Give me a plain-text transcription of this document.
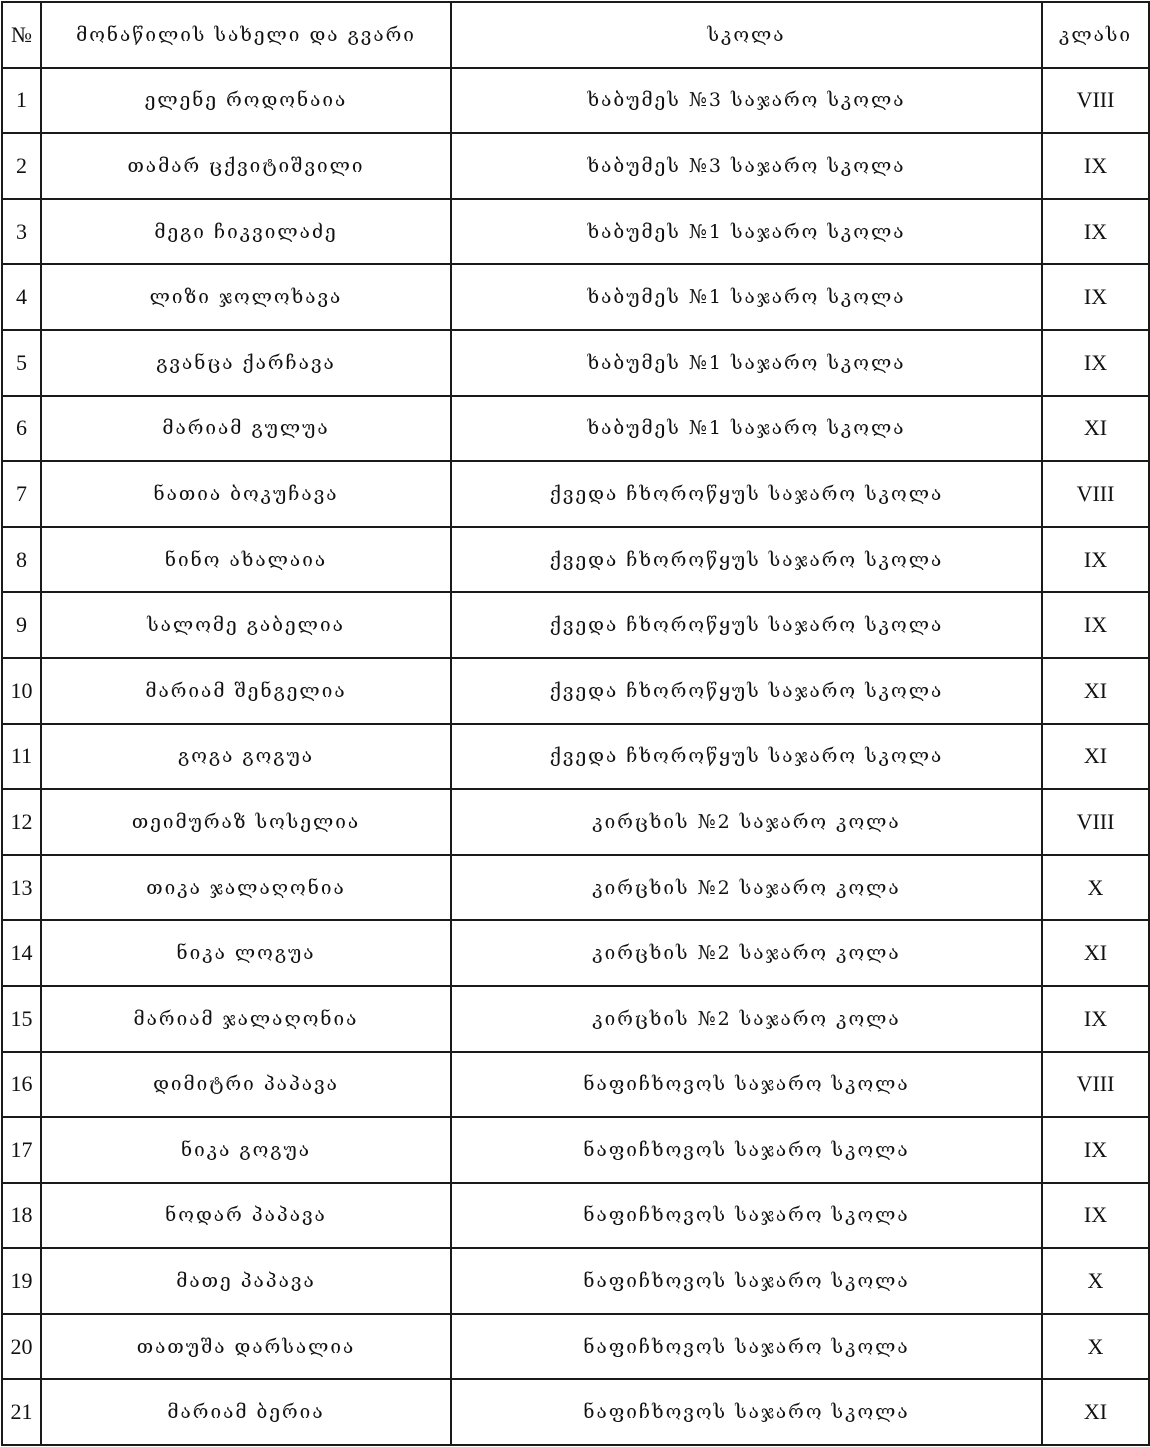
№	მონაწილის სახელი და გვარი	სკოლა	კლასი
1	ელენე როდონაია	ხაბუმეს №3 საჯარო სკოლა	VIII
2	თამარ ცქვიტიშვილი	ხაბუმეს №3 საჯარო სკოლა	IX
3	მეგი ჩიკვილაძე	ხაბუმეს №1 საჯარო სკოლა	IX
4	ლიზი ჯოლოხავა	ხაბუმეს №1 საჯარო სკოლა	IX
5	გვანცა ქარჩავა	ხაბუმეს №1 საჯარო სკოლა	IX
6	მარიამ გულუა	ხაბუმეს №1 საჯარო სკოლა	XI
7	ნათია ბოკუჩავა	ქვედა ჩხოროწყუს საჯარო სკოლა	VIII
8	ნინო ახალაია	ქვედა ჩხოროწყუს საჯარო სკოლა	IX
9	სალომე გაბელია	ქვედა ჩხოროწყუს საჯარო სკოლა	IX
10	მარიამ შენგელია	ქვედა ჩხოროწყუს საჯარო სკოლა	XI
11	გოგა გოგუა	ქვედა ჩხოროწყუს საჯარო სკოლა	XI
12	თეიმურაზ სოსელია	კირცხის №2 საჯარო კოლა	VIII
13	თიკა ჯალაღონია	კირცხის №2 საჯარო კოლა	X
14	ნიკა ლოგუა	კირცხის №2 საჯარო კოლა	XI
15	მარიამ ჯალაღონია	კირცხის №2 საჯარო კოლა	IX
16	დიმიტრი პაპავა	ნაფიჩხოვოს საჯარო სკოლა	VIII
17	ნიკა გოგუა	ნაფიჩხოვოს საჯარო სკოლა	IX
18	ნოდარ პაპავა	ნაფიჩხოვოს საჯარო სკოლა	IX
19	მათე პაპავა	ნაფიჩხოვოს საჯარო სკოლა	X
20	თათუშა დარსალია	ნაფიჩხოვოს საჯარო სკოლა	X
21	მარიამ ბერია	ნაფიჩხოვოს საჯარო სკოლა	XI
